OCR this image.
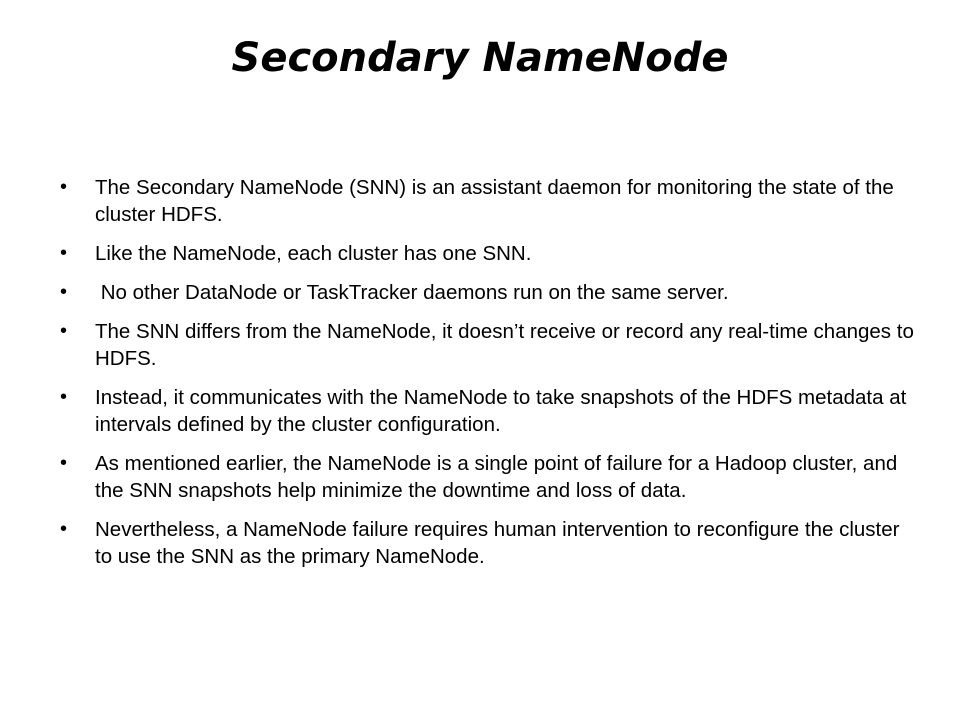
Secondary NameNode
• The Secondary NameNode (SNN) is an assistant daemon for monitoring the state of the cluster HDFS.
• Like the NameNode, each cluster has one SNN.
• No other DataNode or TaskTracker daemons run on the same server.
• The SNN differs from the NameNode, it doesn’t receive or record any real-time changes to HDFS.
• Instead, it communicates with the NameNode to take snapshots of the HDFS metadata at intervals defined by the cluster configuration.
• As mentioned earlier, the NameNode is a single point of failure for a Hadoop cluster, and the SNN snapshots help minimize the downtime and loss of data.
• Nevertheless, a NameNode failure requires human intervention to reconfigure the cluster to use the SNN as the primary NameNode.
